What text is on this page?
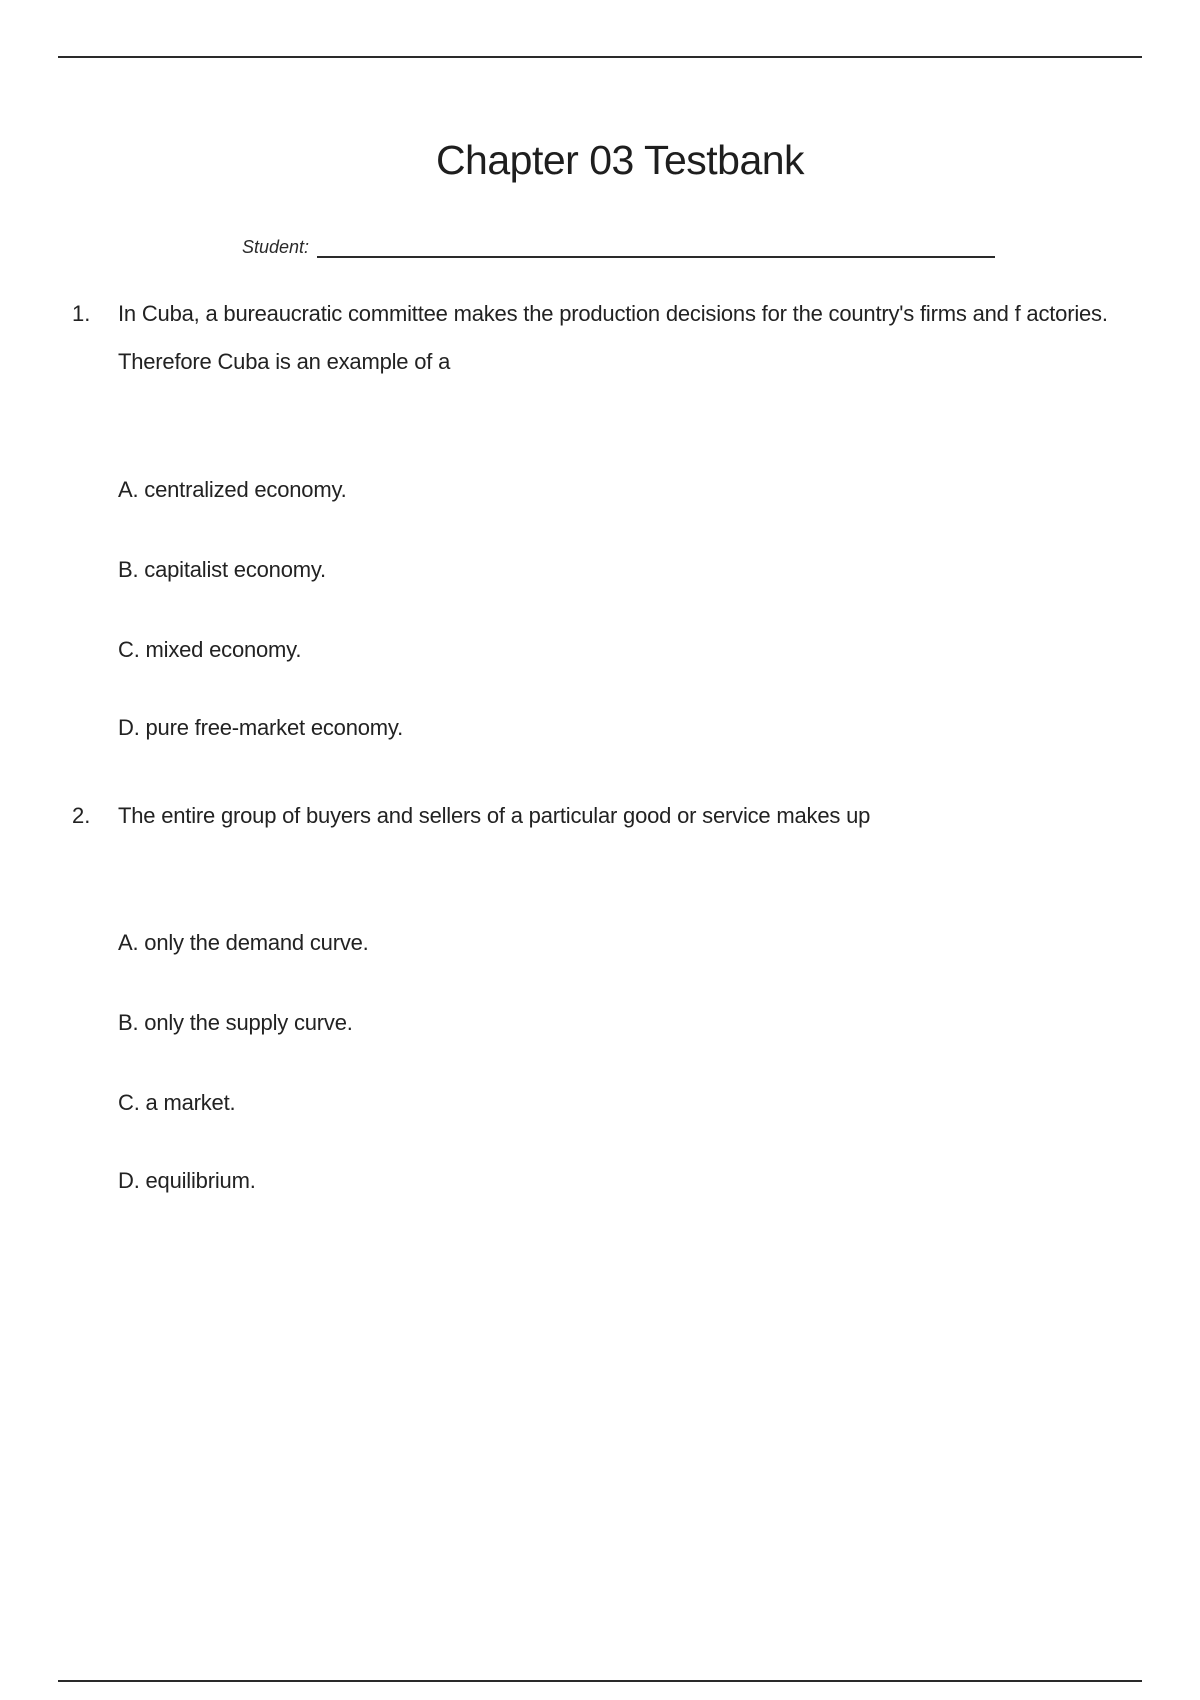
Chapter 03 Testbank
Student:
1. In Cuba, a bureaucratic committee makes the production decisions for the country's firms and f actories. Therefore Cuba is an example of a
A. centralized economy.
B. capitalist economy.
C. mixed economy.
D. pure free-market economy.
2. The entire group of buyers and sellers of a particular good or service makes up
A. only the demand curve.
B. only the supply curve.
C. a market.
D. equilibrium.
